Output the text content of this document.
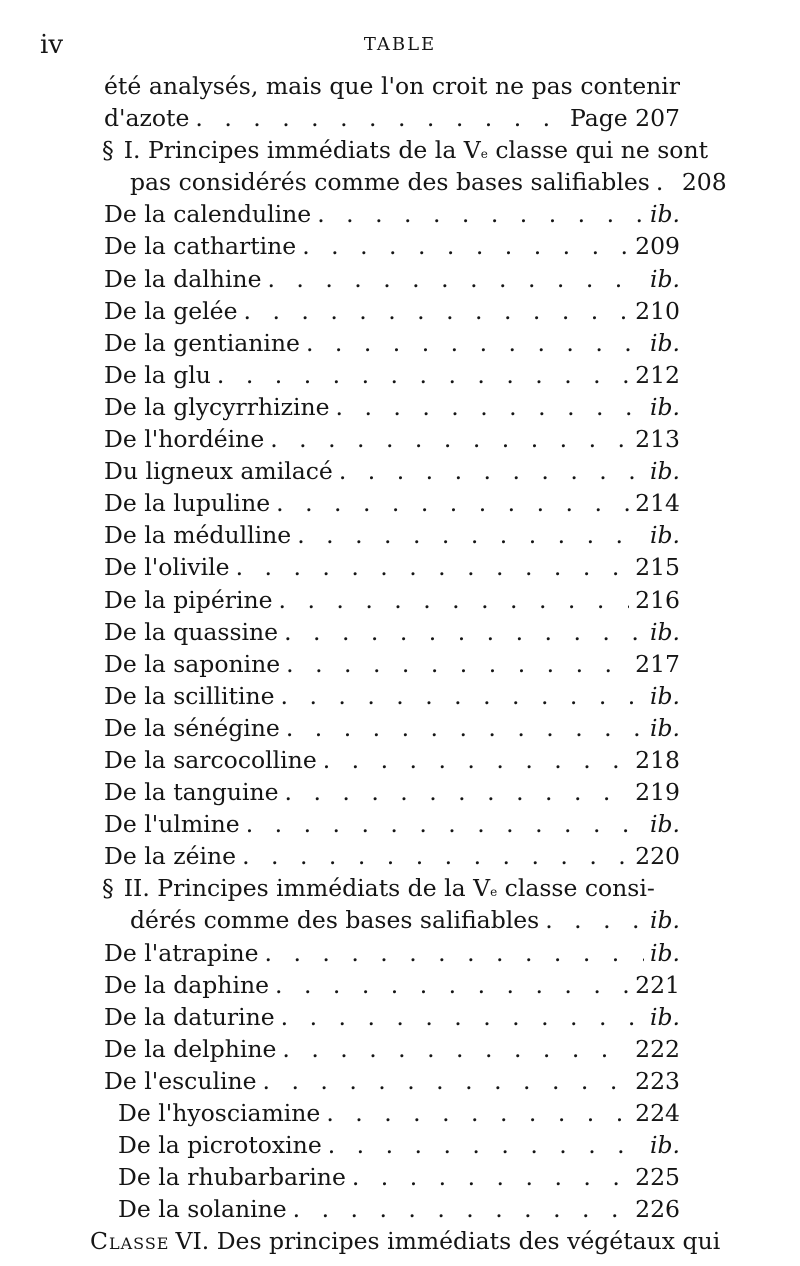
iv	TABLE
été analysés, mais que l'on croit ne pas contenir
d'azote . . .	Page 207
§ I.
Principes immédiats de la V e
classe qui ne sont
pas considérés comme des bases salifiables . . . 208
De la calenduline . . .	ib.
De la cathartine . . .	209
De la dalhine . . .	ib.
De la gelée . . .	210
De la gentianine . . .	ib.
De la glu . . .	212
De la glycyrrhizine . . .	ib.
De l'hordéine . . .	213
Du ligneux amilacé . . .	ib.
De la lupuline . . .	214
De la médulline . . .	ib.
De l'olivile . . .	215
De la pipérine . . .	216
De la quassine . . .	ib.
De la saponine . . .	217
De la scillitine . . .	ib.
De la sénégine . . .	ib.
De la sarcocolline . . .	218
De la tanguine . . .	219
De l'ulmine . . .	ib.
De la zéine . . .	220
§ II.
Principes immédiats de la V e
classe consi-
dérés comme des bases salifiables . . .	ib.
De l'atrapine . . .	ib.
De la daphine . . .	221
De la daturine . . .	ib.
De la delphine . . .	222
De l'esculine . . .	223
De l'hyosciamine . . .	224
De la picrotoxine . . .	ib.
De la rhubarbarine . . .	225
De la solanine . . .	226
Classe VI.
Des principes immédiats des végétaux qui
